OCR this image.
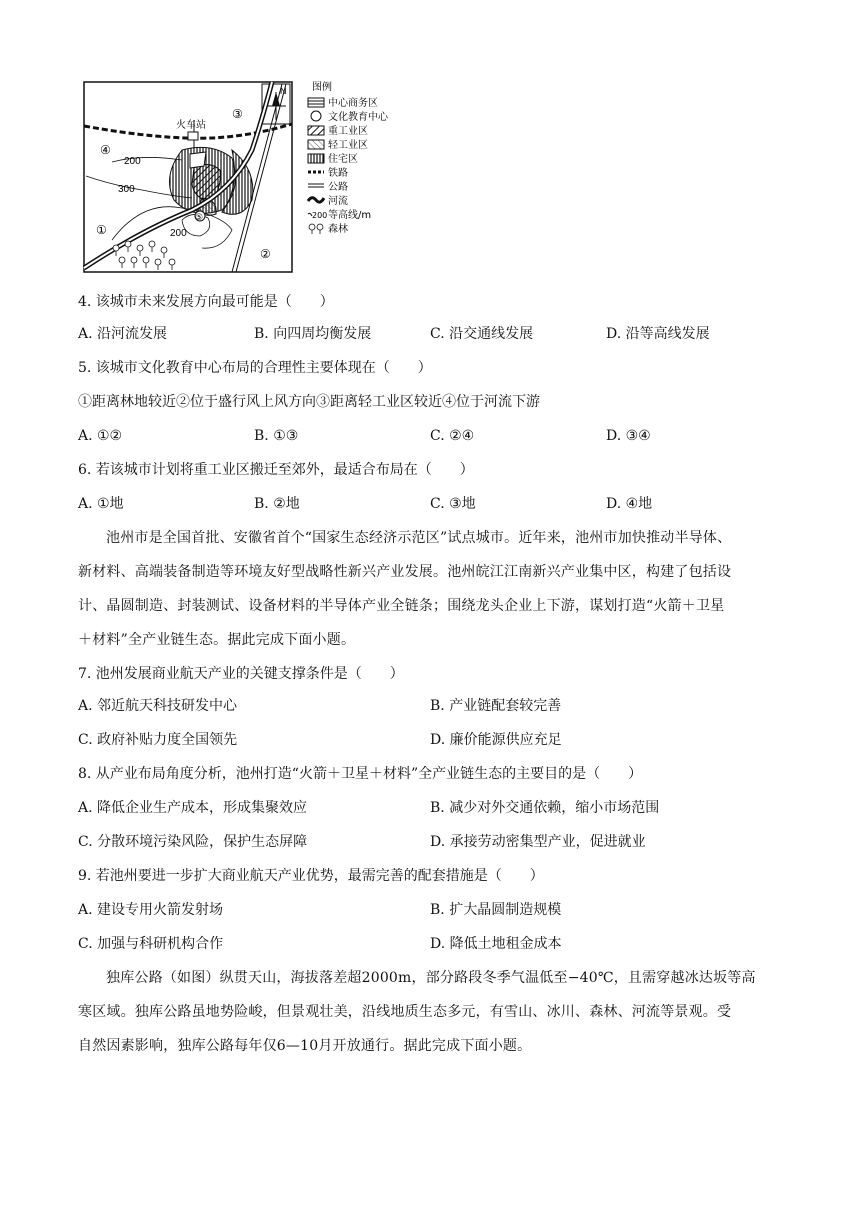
N
火车站
⑤
200
300
200
①
②
③
④
图例
中心商务区
文化教育中心
重工业区
轻工业区
住宅区
铁路
公路
河流
200 等高线/m
森林
4. 该城市未来发展方向最可能是（　　）
A. 沿河流发展	B. 向四周均衡发展	C. 沿交通线发展	D. 沿等高线发展
5. 该城市文化教育中心布局的合理性主要体现在（　　）
①距离林地较近②位于盛行风上风方向③距离轻工业区较近④位于河流下游
A. ①②	B. ①③	C. ②④	D. ③④
6. 若该城市计划将重工业区搬迁至郊外，最适合布局在（　　）
A. ①地	B. ②地	C. ③地	D. ④地
池州市是全国首批、安徽省首个“国家生态经济示范区”试点城市。近年来，池州市加快推动半导体、
新材料、高端装备制造等环境友好型战略性新兴产业发展。池州皖江江南新兴产业集中区，构建了包括设
计、晶圆制造、封装测试、设备材料的半导体产业全链条；围绕龙头企业上下游，谋划打造“火箭＋卫星
＋材料”全产业链生态。据此完成下面小题。
7. 池州发展商业航天产业的关键支撑条件是（　　）
A. 邻近航天科技研发中心	B. 产业链配套较完善
C. 政府补贴力度全国领先	D. 廉价能源供应充足
8. 从产业布局角度分析，池州打造“火箭＋卫星＋材料”全产业链生态的主要目的是（　　）
A. 降低企业生产成本，形成集聚效应	B. 减少对外交通依赖，缩小市场范围
C. 分散环境污染风险，保护生态屏障	D. 承接劳动密集型产业，促进就业
9. 若池州要进一步扩大商业航天产业优势，最需完善的配套措施是（　　）
A. 建设专用火箭发射场	B. 扩大晶圆制造规模
C. 加强与科研机构合作	D. 降低土地租金成本
独库公路（如图）纵贯天山，海拔落差超2000m，部分路段冬季气温低至−40℃，且需穿越冰达坂等高
寒区域。独库公路虽地势险峻，但景观壮美，沿线地质生态多元，有雪山、冰川、森林、河流等景观。受
自然因素影响，独库公路每年仅6—10月开放通行。据此完成下面小题。
